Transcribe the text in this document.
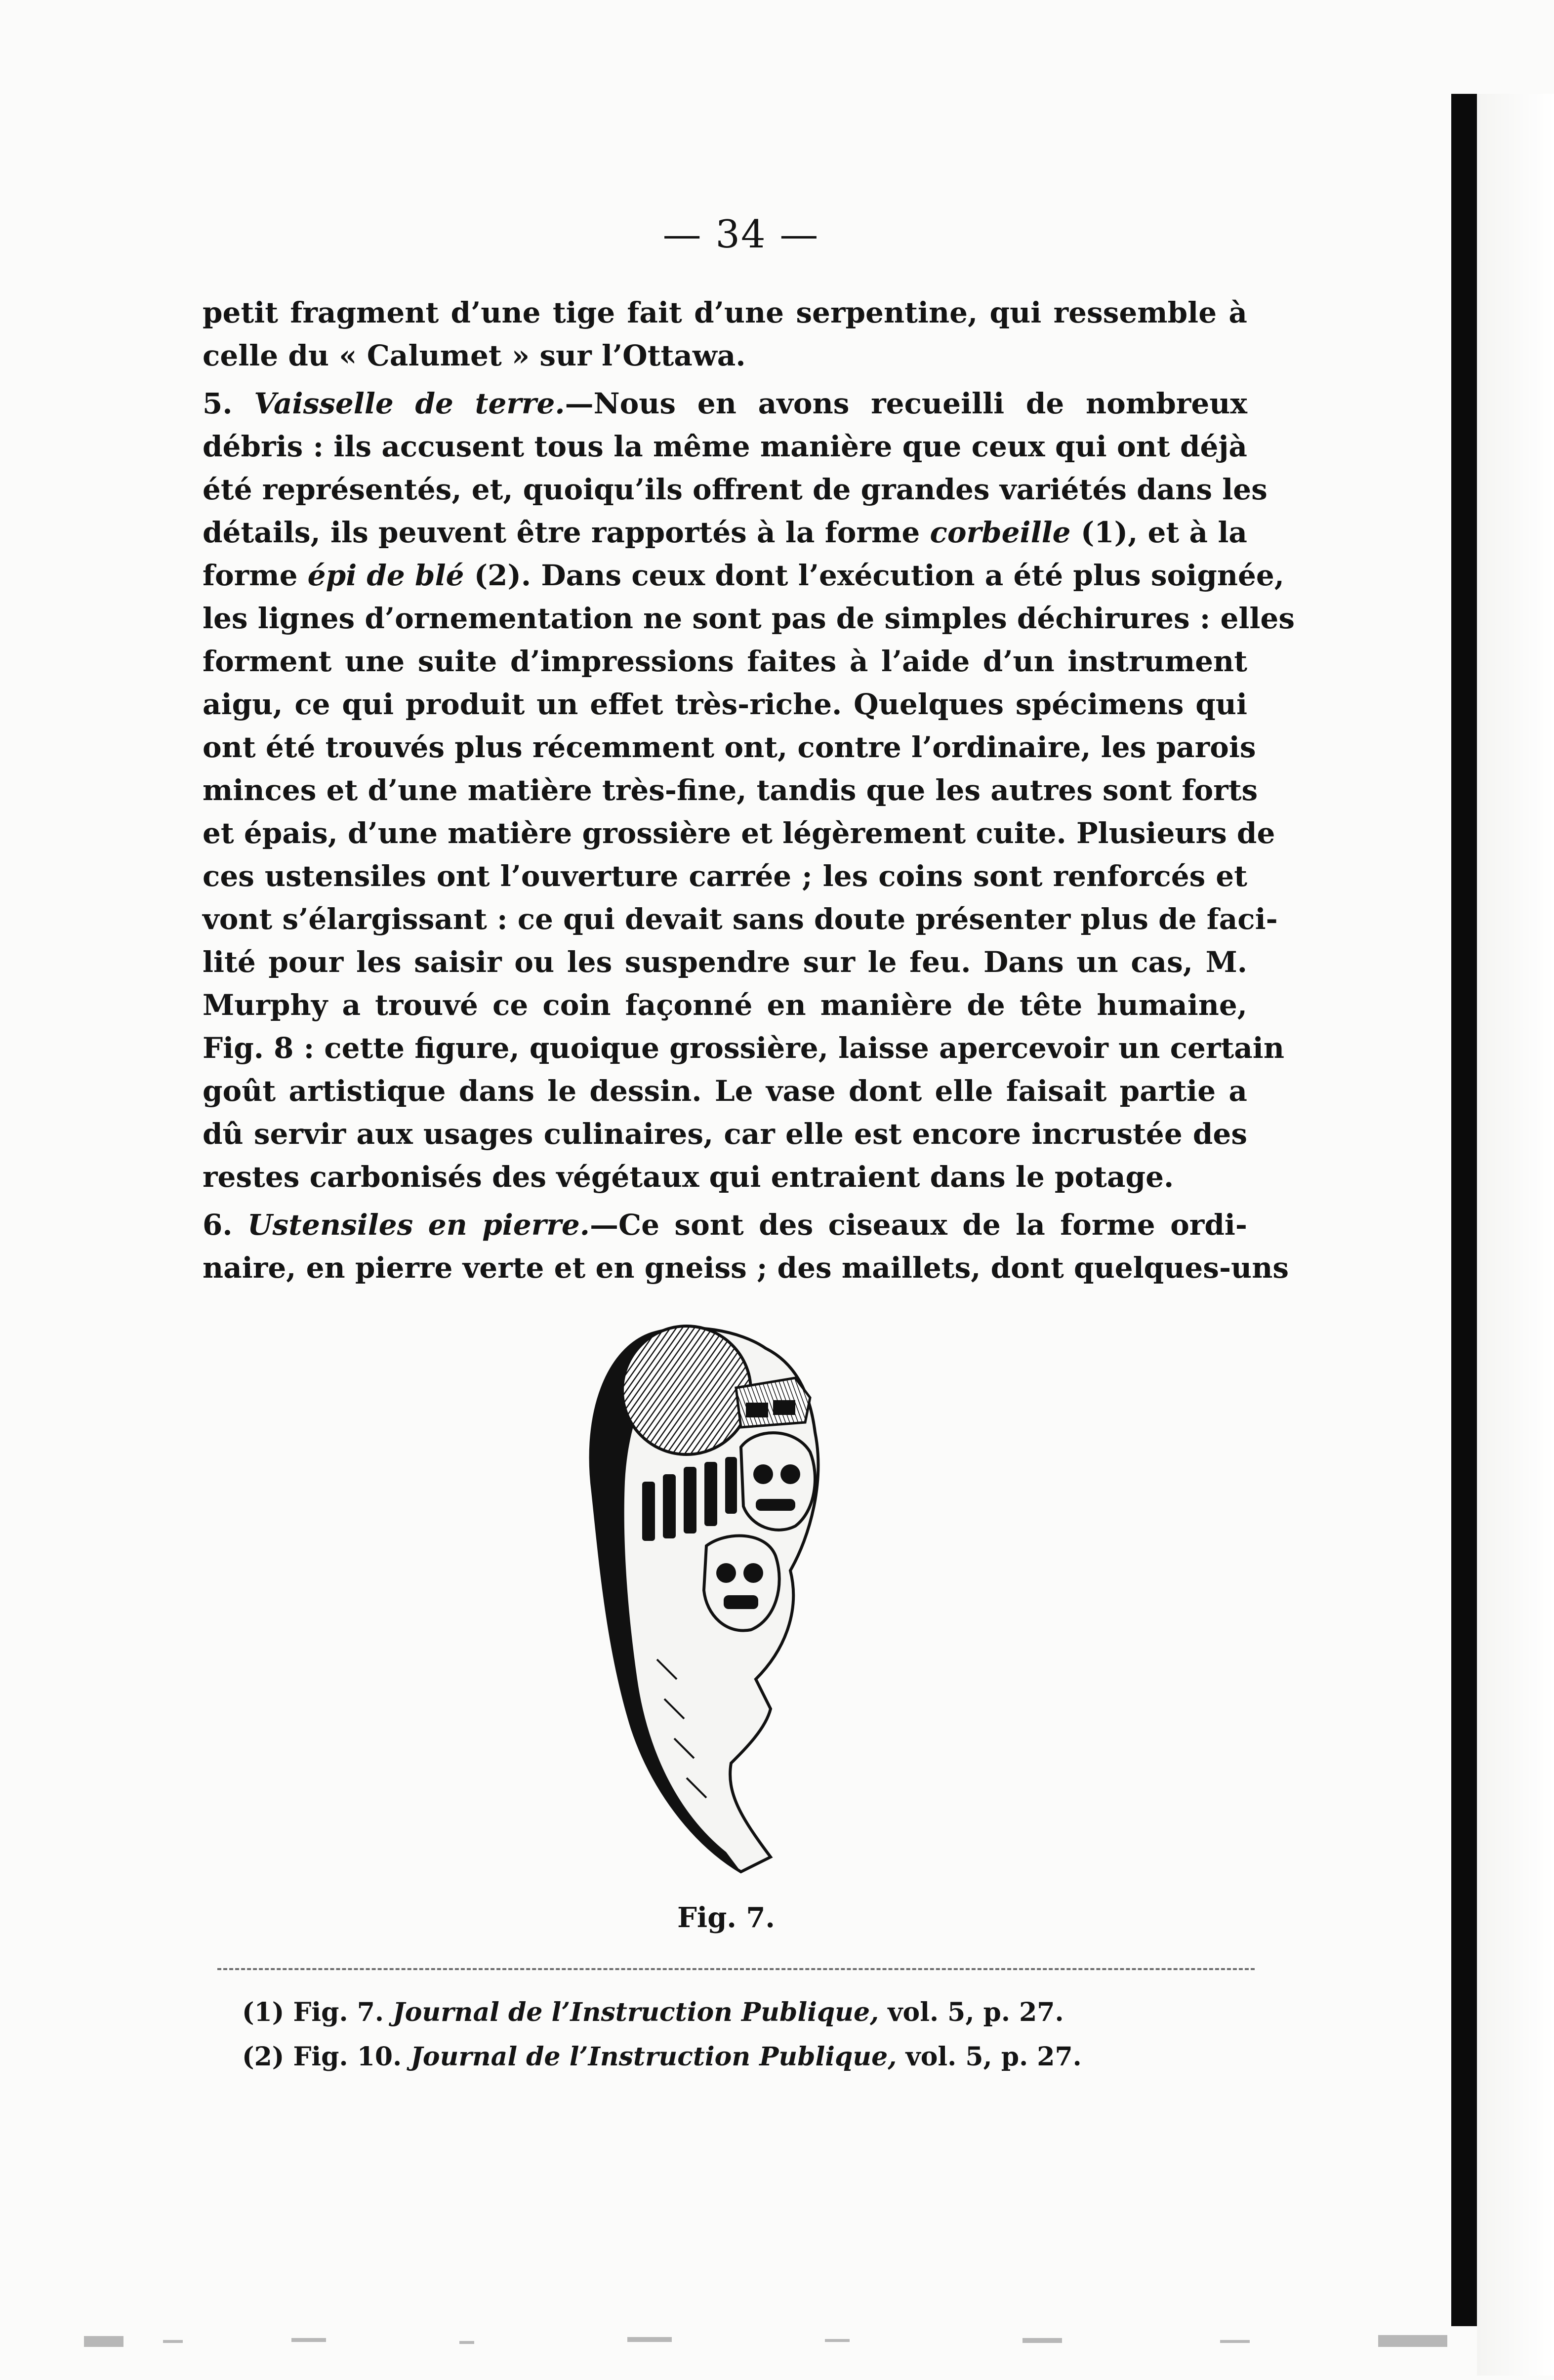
— 34 —
petit fragment d’une tige fait d’une serpentine, qui ressemble à
celle du « Calumet » sur l’Ottawa.
5. Vaisselle de terre.—Nous en avons recueilli de nombreux
débris : ils accusent tous la même manière que ceux qui ont déjà
été représentés, et, quoiqu’ils offrent de grandes variétés dans les
détails, ils peuvent être rapportés à la forme corbeille (1), et à la
forme épi de blé (2). Dans ceux dont l’exécution a été plus soignée,
les lignes d’ornementation ne sont pas de simples déchirures : elles
forment une suite d’impressions faites à l’aide d’un instrument
aigu, ce qui produit un effet très-riche. Quelques spécimens qui
ont été trouvés plus récemment ont, contre l’ordinaire, les parois
minces et d’une matière très-fine, tandis que les autres sont forts
et épais, d’une matière grossière et légèrement cuite. Plusieurs de
ces ustensiles ont l’ouverture carrée ; les coins sont renforcés et
vont s’élargissant : ce qui devait sans doute présenter plus de faci-
lité pour les saisir ou les suspendre sur le feu. Dans un cas, M.
Murphy a trouvé ce coin façonné en manière de tête humaine,
Fig. 8 : cette figure, quoique grossière, laisse apercevoir un certain
goût artistique dans le dessin. Le vase dont elle faisait partie a
dû servir aux usages culinaires, car elle est encore incrustée des
restes carbonisés des végétaux qui entraient dans le potage.
6. Ustensiles en pierre.—Ce sont des ciseaux de la forme ordi-
naire, en pierre verte et en gneiss ; des maillets, dont quelques-uns
Fig. 7.
(1) Fig. 7. Journal de l’Instruction Publique, vol. 5, p. 27.
(2) Fig. 10. Journal de l’Instruction Publique, vol. 5, p. 27.
